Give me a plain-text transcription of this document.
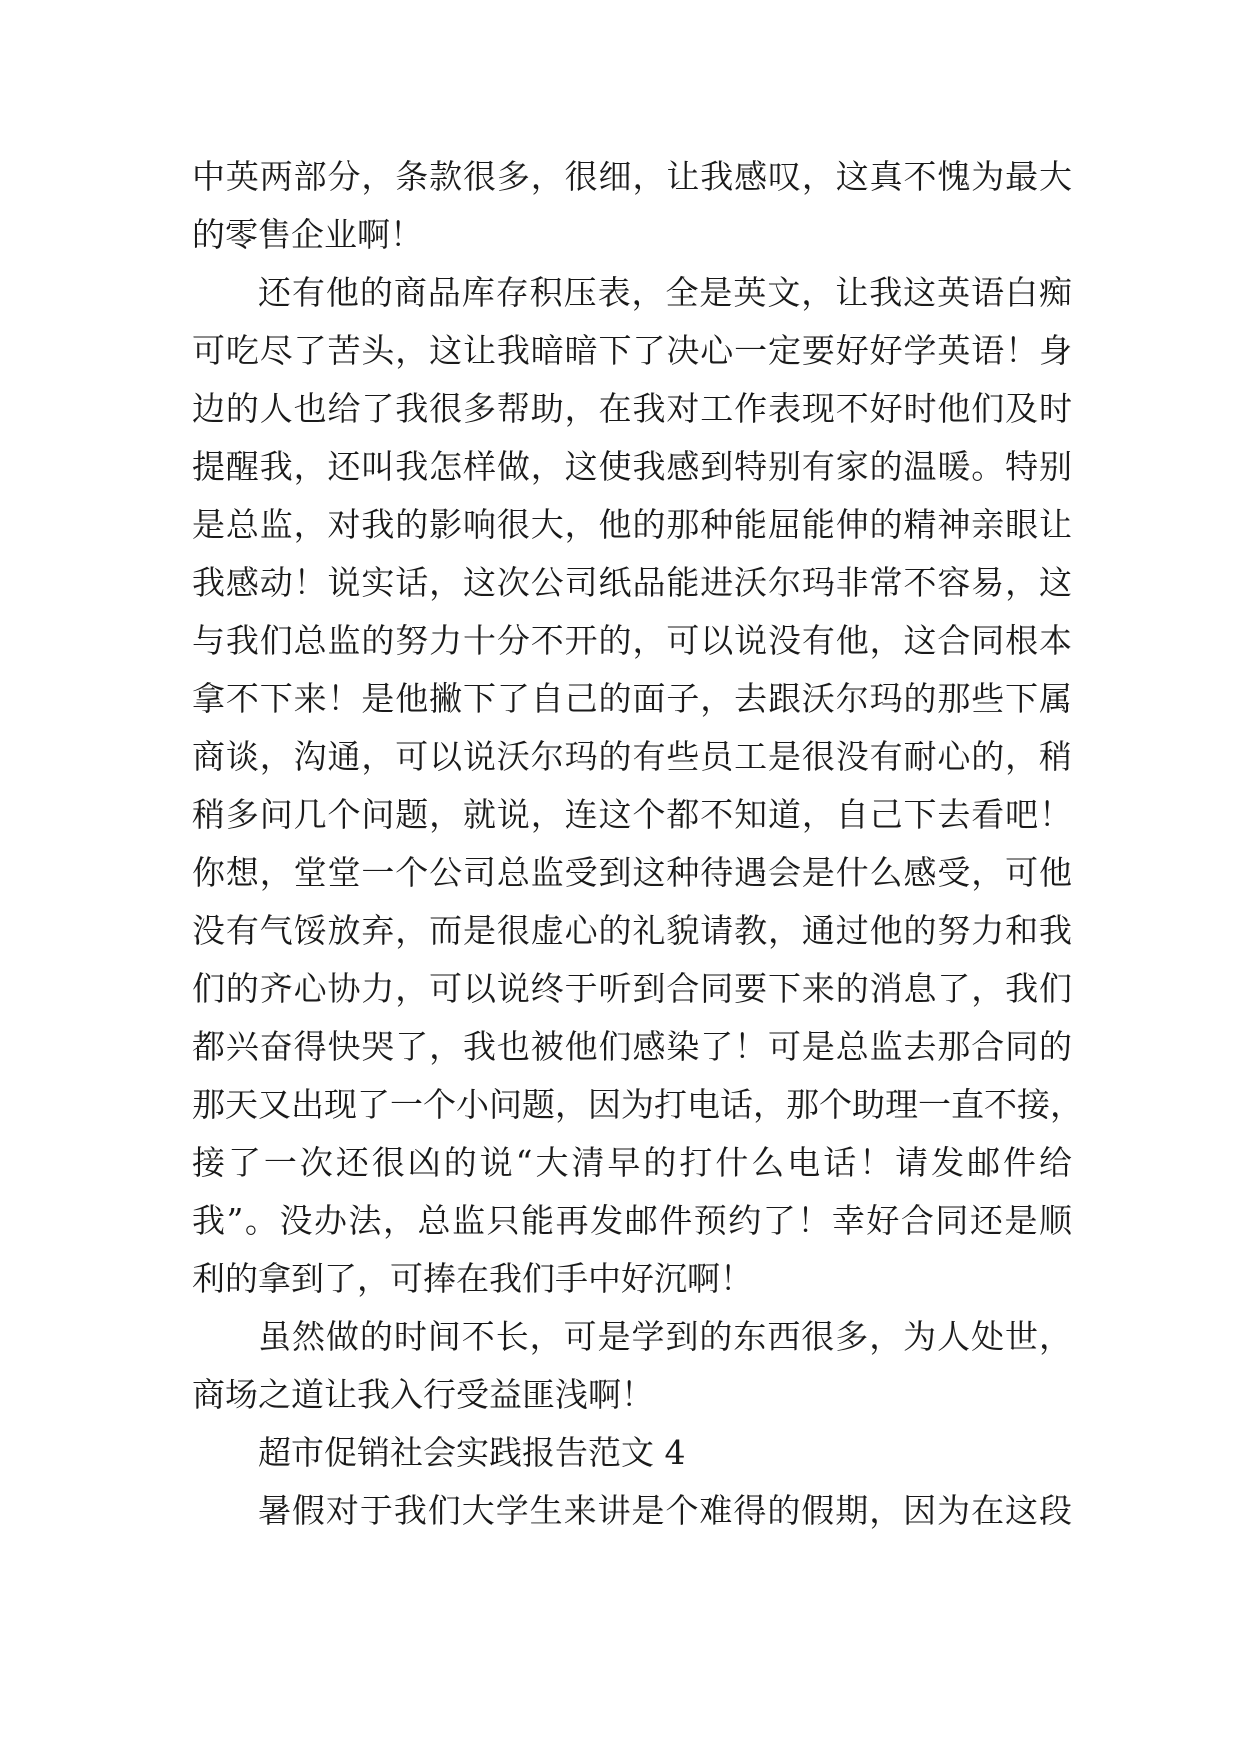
中英两部分，条款很多，很细，让我感叹，这真不愧为最大
的零售企业啊！
还有他的商品库存积压表，全是英文，让我这英语白痴
可吃尽了苦头，这让我暗暗下了决心一定要好好学英语！身
边的人也给了我很多帮助，在我对工作表现不好时他们及时
提醒我，还叫我怎样做，这使我感到特别有家的温暖。特别
是总监，对我的影响很大，他的那种能屈能伸的精神亲眼让
我感动！说实话，这次公司纸品能进沃尔玛非常不容易，这
与我们总监的努力十分不开的，可以说没有他，这合同根本
拿不下来！是他撇下了自己的面子，去跟沃尔玛的那些下属
商谈，沟通，可以说沃尔玛的有些员工是很没有耐心的，稍
稍多问几个问题，就说，连这个都不知道，自己下去看吧！
你想，堂堂一个公司总监受到这种待遇会是什么感受，可他
没有气馁放弃，而是很虚心的礼貌请教，通过他的努力和我
们的齐心协力，可以说终于听到合同要下来的消息了，我们
都兴奋得快哭了，我也被他们感染了！可是总监去那合同的
那天又出现了一个小问题，因为打电话，那个助理一直不接，
接了一次还很凶的说“大清早的打什么电话！请发邮件给
我”。没办法，总监只能再发邮件预约了！幸好合同还是顺
利的拿到了，可捧在我们手中好沉啊！
虽然做的时间不长，可是学到的东西很多，为人处世，
商场之道让我入行受益匪浅啊！
超市促销社会实践报告范文 4
暑假对于我们大学生来讲是个难得的假期，因为在这段
